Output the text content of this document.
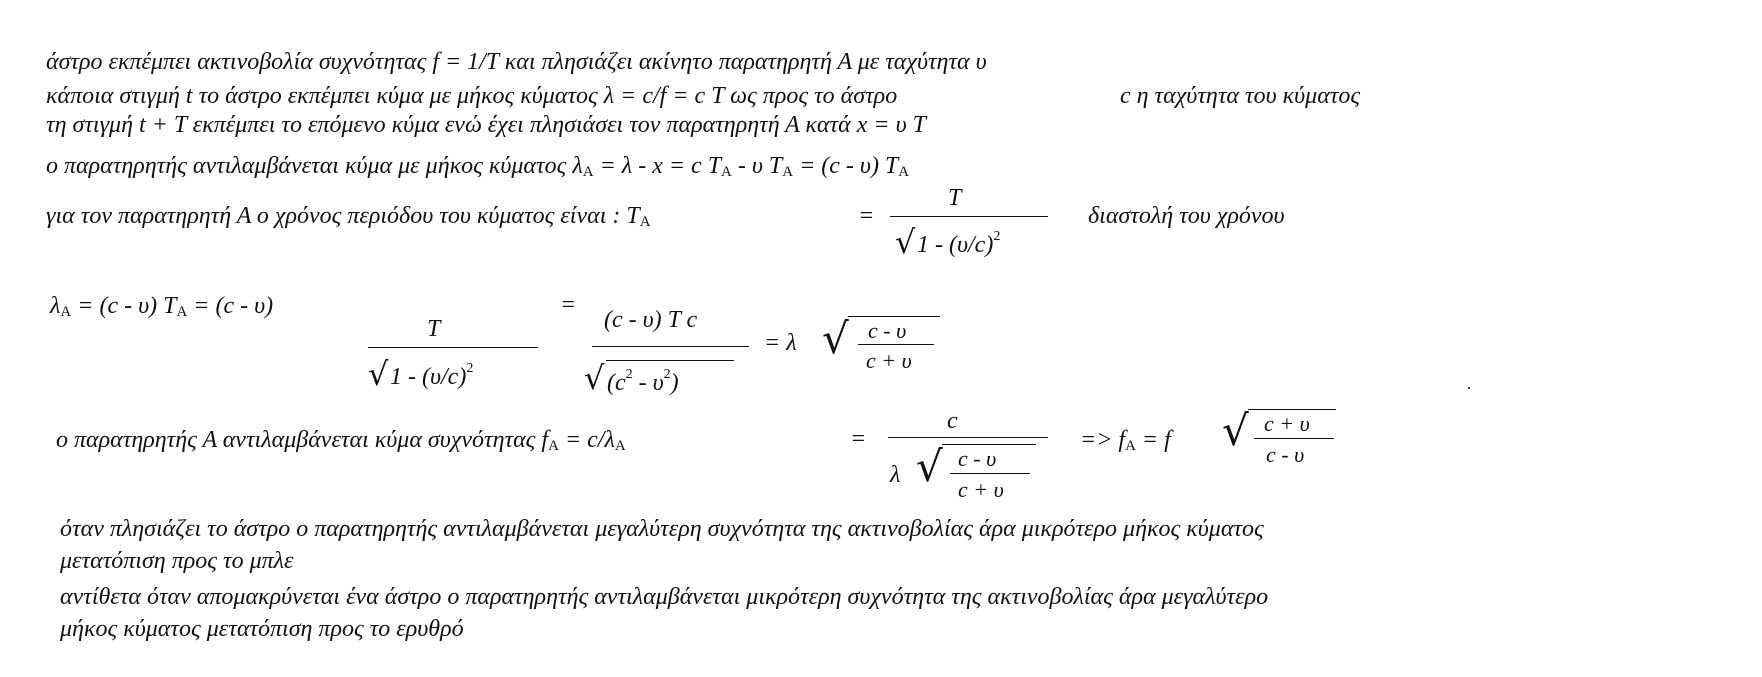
άστρο εκπέμπει ακτινοβολία συχνότητας f = 1/T και πλησιάζει ακίνητο παρατηρητή Α με ταχύτητα υ
κάποια στιγμή t το άστρο εκπέμπει κύμα με μήκος κύματος λ = c/f = c T ως προς το άστρο	c η ταχύτητα του κύματος
τη στιγμή t + T εκπέμπει το επόμενο κύμα ενώ έχει πλησιάσει τον παρατηρητή Α κατά x = υ T
ο παρατηρητής αντιλαμβάνεται κύμα με μήκος κύματος $\lambda_A = \lambda - x = c$ $T_A$ - υ $T_A = (c - \upsilon)$ $T_A$
για τον παρατηρητή Α ο χρόνος περιόδου του κύματος είναι : $T_A$	=
T
√ $1 - (\upsilon/c)^2$
διαστολή του χρόνου
$\lambda_A = (c - \upsilon) T_A = (c - \upsilon)$
T
√ $1 - (\upsilon/c)^2$
=
(c - υ) T c
√ $(c^2 - \upsilon^2)$
= λ √ c - υ
c + υ
ο παρατηρητής Α αντιλαμβάνεται κύμα συχνότητας $f_A = c/\lambda_A$	=
c
λ √ c - υ
c + υ
=> $f_A = f$ √ c + υ
c - υ
όταν πλησιάζει το άστρο ο παρατηρητής αντιλαμβάνεται μεγαλύτερη συχνότητα της ακτινοβολίας άρα μικρότερο μήκος κύματος
μετατόπιση προς το μπλε
αντίθετα όταν απομακρύνεται ένα άστρο ο παρατηρητής αντιλαμβάνεται μικρότερη συχνότητα της ακτινοβολίας άρα μεγαλύτερο
μήκος κύματος μετατόπιση προς το ερυθρό
